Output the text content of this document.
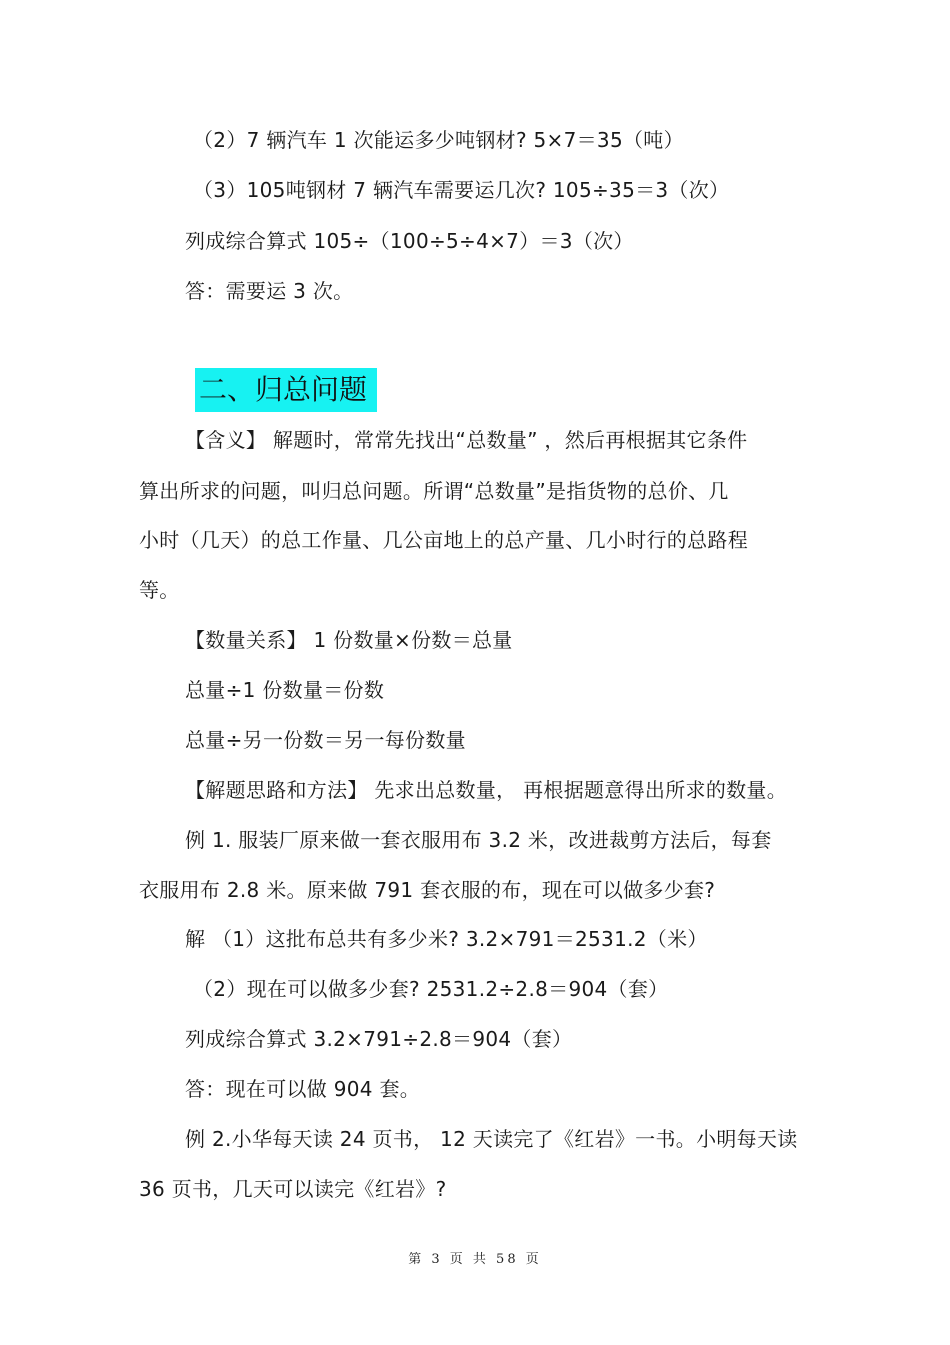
（2）7 辆汽车 1 次能运多少吨钢材? 5×7＝35（吨）
（3）105吨钢材 7 辆汽车需要运几次? 105÷35＝3（次）
列成综合算式 105÷（100÷5÷4×7）＝3（次）
答：需要运 3 次。
二、归总问题
【含义】 解题时，常常先找出“总数量” ，然后再根据其它条件
算出所求的问题，叫归总问题。所谓“总数量”是指货物的总价、几
小时（几天）的总工作量、几公亩地上的总产量、几小时行的总路程
等。
【数量关系】 1 份数量×份数＝总量
总量÷1 份数量＝份数
总量÷另一份数＝另一每份数量
【解题思路和方法】 先求出总数量， 再根据题意得出所求的数量。
例 1. 服装厂原来做一套衣服用布 3.2 米，改进裁剪方法后，每套
衣服用布 2.8 米。原来做 791 套衣服的布，现在可以做多少套?
解 （1）这批布总共有多少米? 3.2×791＝2531.2（米）
（2）现在可以做多少套? 2531.2÷2.8＝904（套）
列成综合算式 3.2×791÷2.8＝904（套）
答：现在可以做 904 套。
例 2.小华每天读 24 页书， 12 天读完了《红岩》一书。小明每天读
36 页书，几天可以读完《红岩》?
第 3 页 共 58 页
